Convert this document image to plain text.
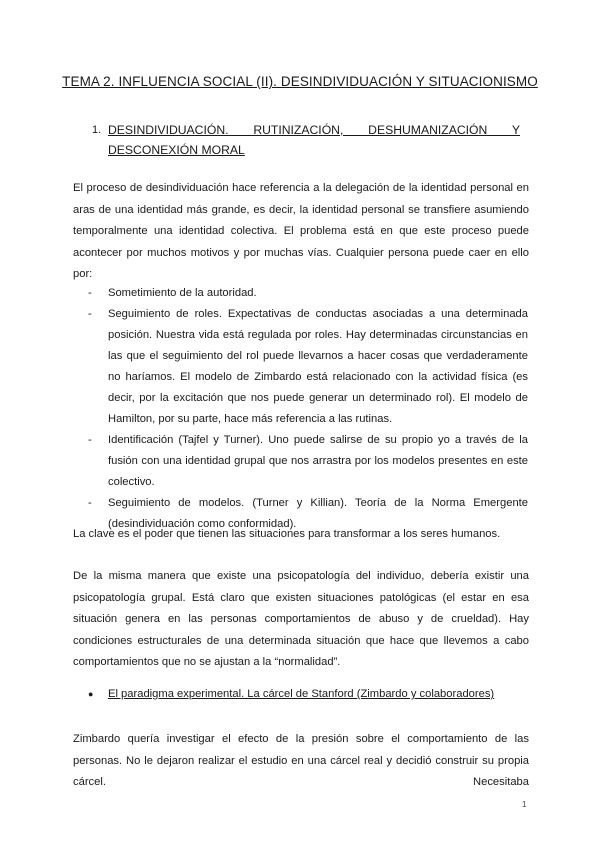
TEMA 2. INFLUENCIA SOCIAL (II). DESINDIVIDUACIÓN Y SITUACIONISMO
1. DESINDIVIDUACIÓN. RUTINIZACIÓN, DESHUMANIZACIÓN Y DESCONEXIÓN MORAL

El proceso de desindividuación hace referencia a la delegación de la identidad personal en aras de una identidad más grande, es decir, la identidad personal se transfiere asumiendo temporalmente una identidad colectiva. El problema está en que este proceso puede acontecer por muchos motivos y por muchas vías. Cualquier persona puede caer en ello por:

- Sometimiento de la autoridad.
- Seguimiento de roles. Expectativas de conductas asociadas a una determinada posición. Nuestra vida está regulada por roles. Hay determinadas circunstancias en las que el seguimiento del rol puede llevarnos a hacer cosas que verdaderamente no haríamos. El modelo de Zimbardo está relacionado con la actividad física (es decir, por la excitación que nos puede generar un determinado rol). El modelo de Hamilton, por su parte, hace más referencia a las rutinas.
- Identificación (Tajfel y Turner). Uno puede salirse de su propio yo a través de la fusión con una identidad grupal que nos arrastra por los modelos presentes en este colectivo.
- Seguimiento de modelos. (Turner y Killian). Teoría de la Norma Emergente (desindividuación como conformidad).

La clave es el poder que tienen las situaciones para transformar a los seres humanos.

De la misma manera que existe una psicopatología del individuo, debería existir una psicopatología grupal. Está claro que existen situaciones patológicas (el estar en esa situación genera en las personas comportamientos de abuso y de crueldad). Hay condiciones estructurales de una determinada situación que hace que llevemos a cabo comportamientos que no se ajustan a la “normalidad”.

● El paradigma experimental. La cárcel de Stanford (Zimbardo y colaboradores)

Zimbardo quería investigar el efecto de la presión sobre el comportamiento de las personas. No le dejaron realizar el estudio en una cárcel real y decidió construir su propia cárcel. Necesitaba

1
